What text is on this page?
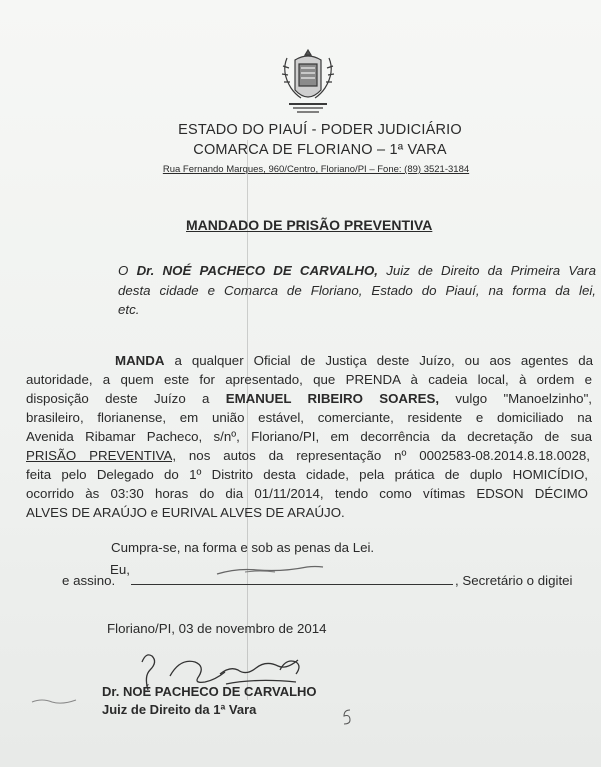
ESTADO DO PIAUÍ - PODER JUDICIÁRIO
COMARCA DE FLORIANO – 1ª VARA
Rua Fernando Marques, 960/Centro, Floriano/PI – Fone: (89) 3521-3184
MANDADO DE PRISÃO PREVENTIVA
O Dr. NOÉ PACHECO DE CARVALHO, Juiz de Direito da Primeira Vara
desta cidade e Comarca de Floriano, Estado do Piauí, na forma da lei,
etc.
MANDA a qualquer Oficial de Justiça deste Juízo, ou aos agentes da
autoridade, a quem este for apresentado, que PRENDA à cadeia local, à ordem e
disposição deste Juízo a EMANUEL RIBEIRO SOARES, vulgo "Manoelzinho",
brasileiro, florianense, em união estável, comerciante, residente e domiciliado na
Avenida Ribamar Pacheco, s/nº, Floriano/PI, em decorrência da decretação de sua
PRISÃO PREVENTIVA, nos autos da representação nº 0002583-08.2014.8.18.0028,
feita pelo Delegado do 1º Distrito desta cidade, pela prática de duplo HOMICÍDIO,
ocorrido às 03:30 horas do dia 01/11/2014, tendo como vítimas EDSON DÉCIMO
ALVES DE ARAÚJO e EURIVAL ALVES DE ARAÚJO.
Cumpra-se, na forma e sob as penas da Lei.
Eu,
, Secretário o digitei
e assino.
Floriano/PI, 03 de novembro de 2014
Dr. NOÉ PACHECO DE CARVALHO
Juiz de Direito da 1ª Vara
